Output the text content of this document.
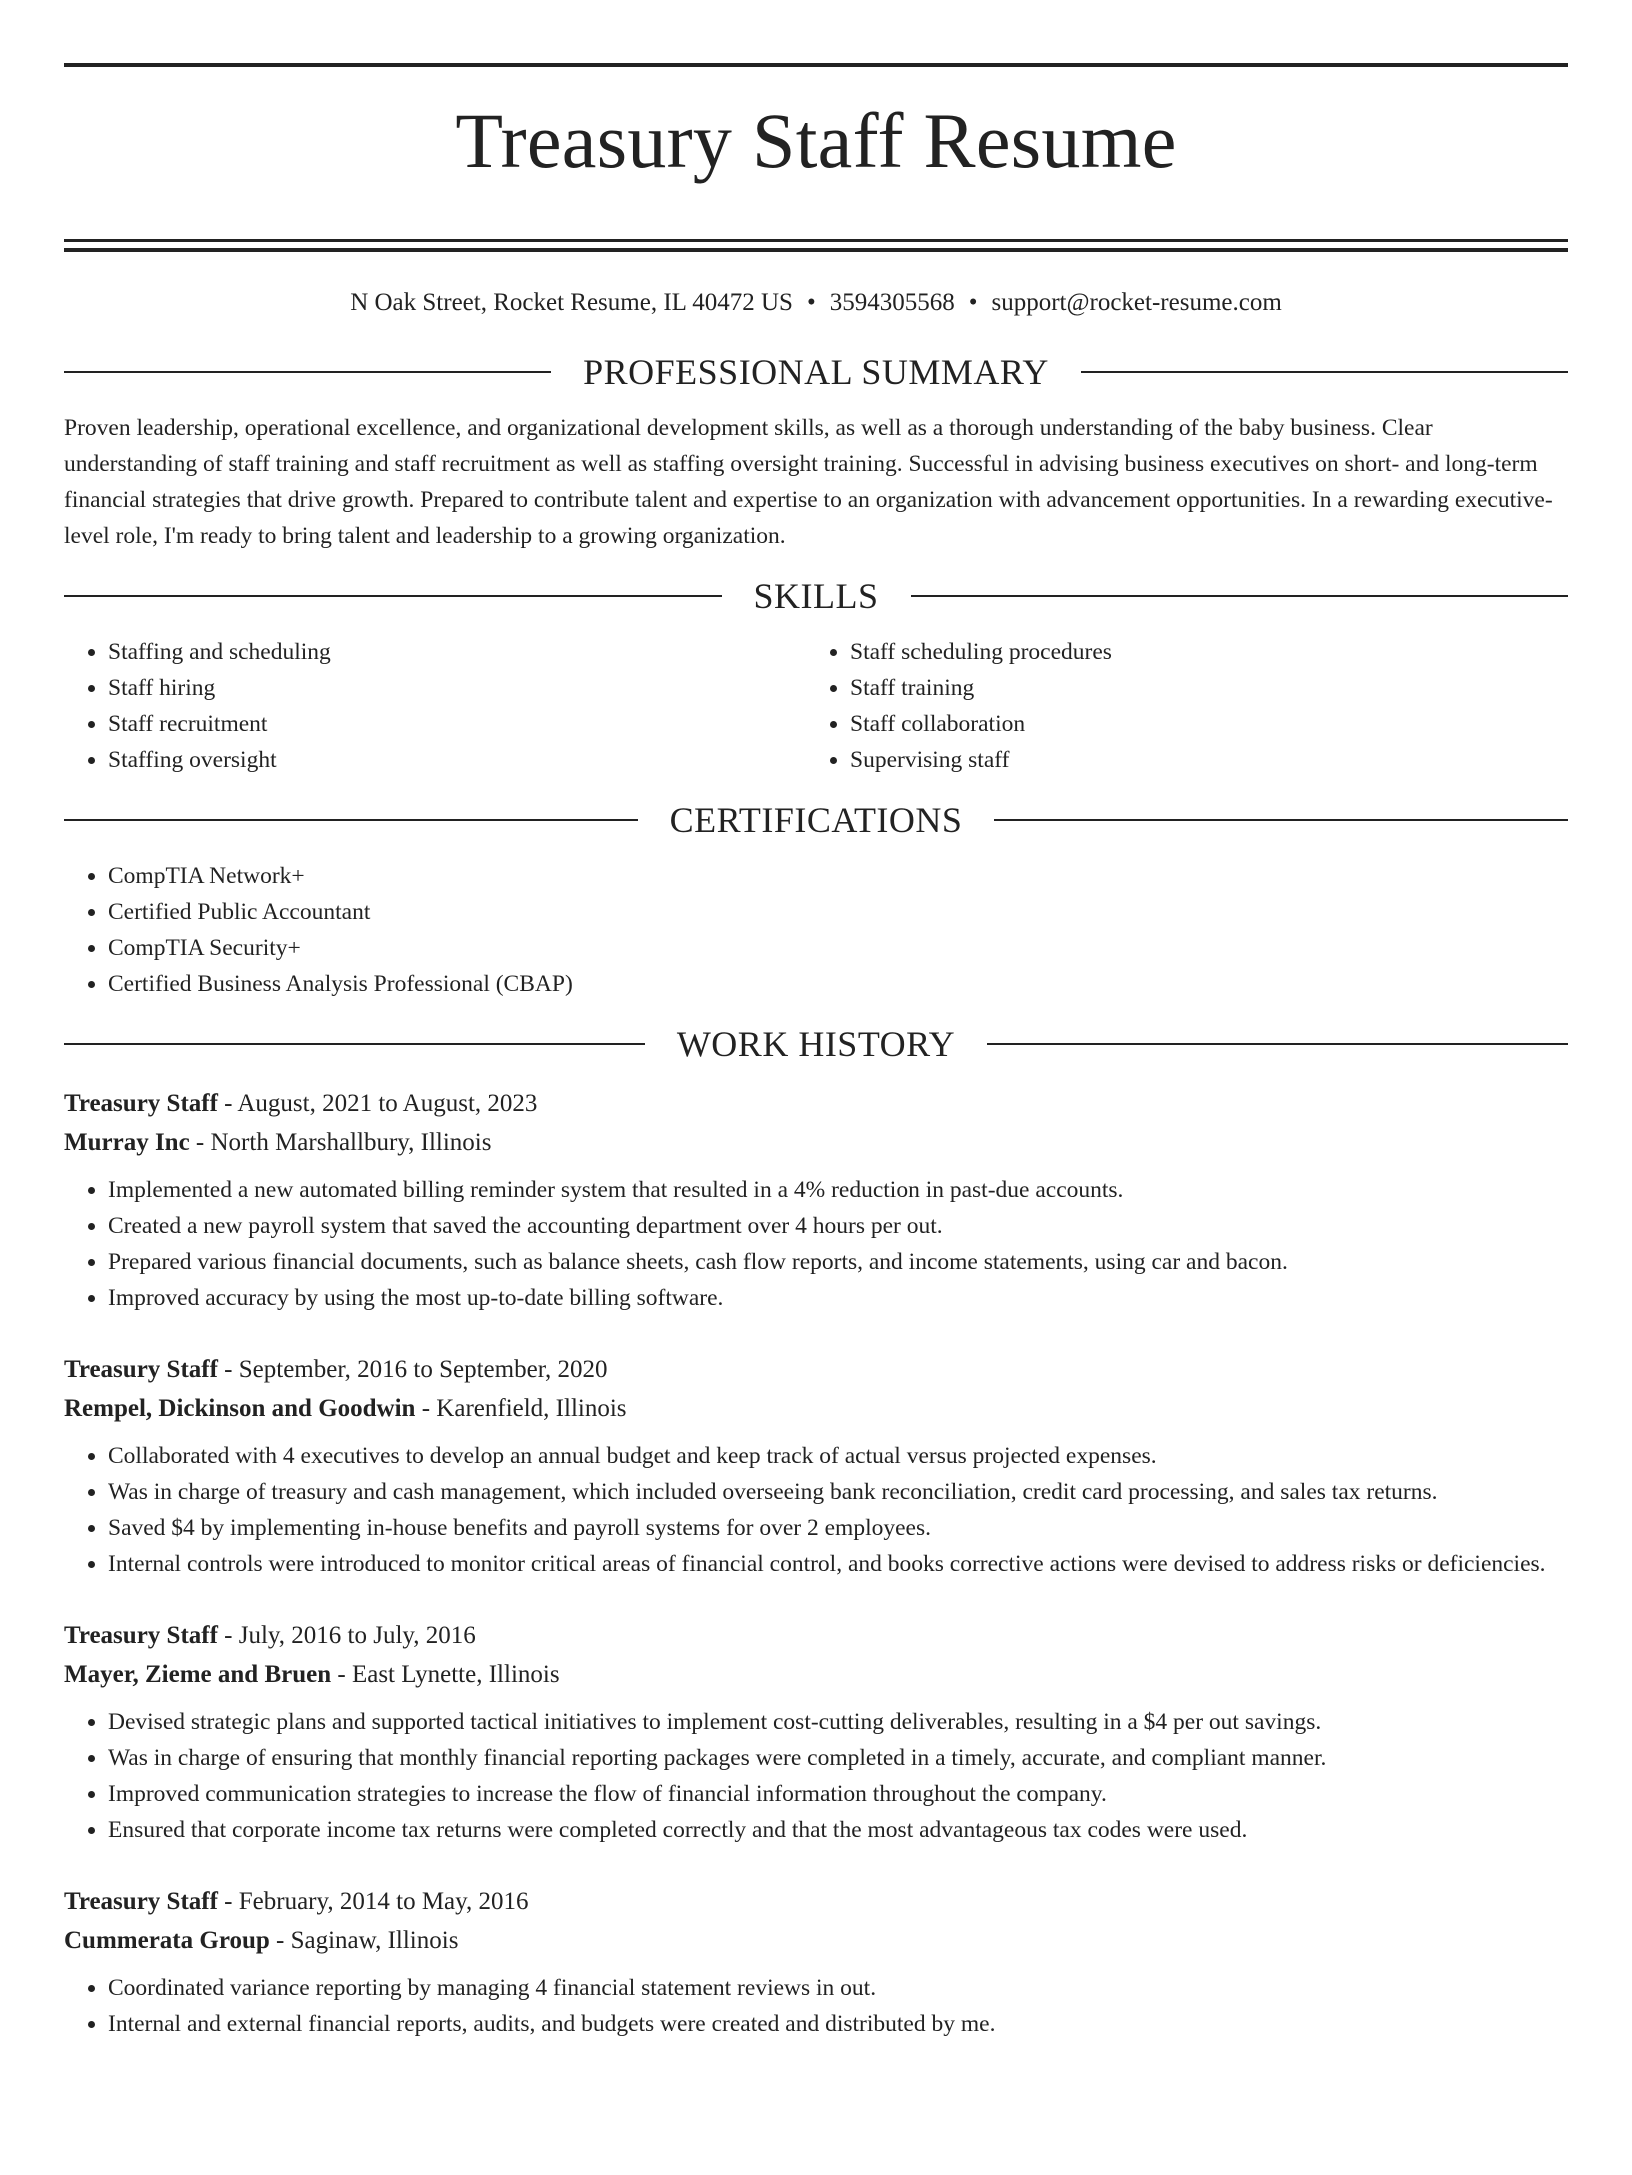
Treasury Staff Resume
N Oak Street, Rocket Resume, IL 40472 US • 3594305568 • support@rocket-resume.com
PROFESSIONAL SUMMARY
Proven leadership, operational excellence, and organizational development skills, as well as a thorough understanding of the baby business. Clear understanding of staff training and staff recruitment as well as staffing oversight training. Successful in advising business executives on short- and long-term financial strategies that drive growth. Prepared to contribute talent and expertise to an organization with advancement opportunities. In a rewarding executive-level role, I'm ready to bring talent and leadership to a growing organization.
SKILLS
• Staffing and scheduling
• Staff hiring
• Staff recruitment
• Staffing oversight
• Staff scheduling procedures
• Staff training
• Staff collaboration
• Supervising staff
CERTIFICATIONS
• CompTIA Network+
• Certified Public Accountant
• CompTIA Security+
• Certified Business Analysis Professional (CBAP)
WORK HISTORY
Treasury Staff - August, 2021 to August, 2023
Murray Inc - North Marshallbury, Illinois
• Implemented a new automated billing reminder system that resulted in a 4% reduction in past-due accounts.
• Created a new payroll system that saved the accounting department over 4 hours per out.
• Prepared various financial documents, such as balance sheets, cash flow reports, and income statements, using car and bacon.
• Improved accuracy by using the most up-to-date billing software.
Treasury Staff - September, 2016 to September, 2020
Rempel, Dickinson and Goodwin - Karenfield, Illinois
• Collaborated with 4 executives to develop an annual budget and keep track of actual versus projected expenses.
• Was in charge of treasury and cash management, which included overseeing bank reconciliation, credit card processing, and sales tax returns.
• Saved $4 by implementing in-house benefits and payroll systems for over 2 employees.
• Internal controls were introduced to monitor critical areas of financial control, and books corrective actions were devised to address risks or deficiencies.
Treasury Staff - July, 2016 to July, 2016
Mayer, Zieme and Bruen - East Lynette, Illinois
• Devised strategic plans and supported tactical initiatives to implement cost-cutting deliverables, resulting in a $4 per out savings.
• Was in charge of ensuring that monthly financial reporting packages were completed in a timely, accurate, and compliant manner.
• Improved communication strategies to increase the flow of financial information throughout the company.
• Ensured that corporate income tax returns were completed correctly and that the most advantageous tax codes were used.
Treasury Staff - February, 2014 to May, 2016
Cummerata Group - Saginaw, Illinois
• Coordinated variance reporting by managing 4 financial statement reviews in out.
• Internal and external financial reports, audits, and budgets were created and distributed by me.
